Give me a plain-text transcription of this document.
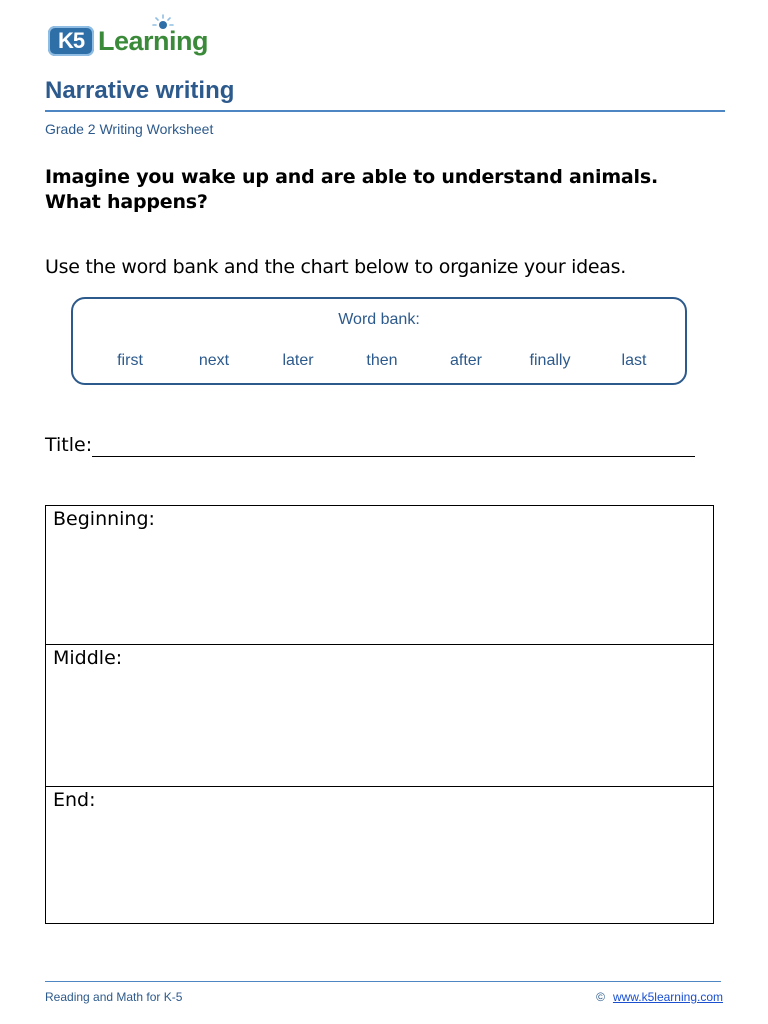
K5 Learning
Narrative writing
Grade 2 Writing Worksheet
Imagine you wake up and are able to understand animals. What happens?
Use the word bank and the chart below to organize your ideas.
Word bank:
first	next	later	then	after	finally	last
Title:
Beginning:
Middle:
End:
Reading and Math for K-5	© www.k5learning.com
